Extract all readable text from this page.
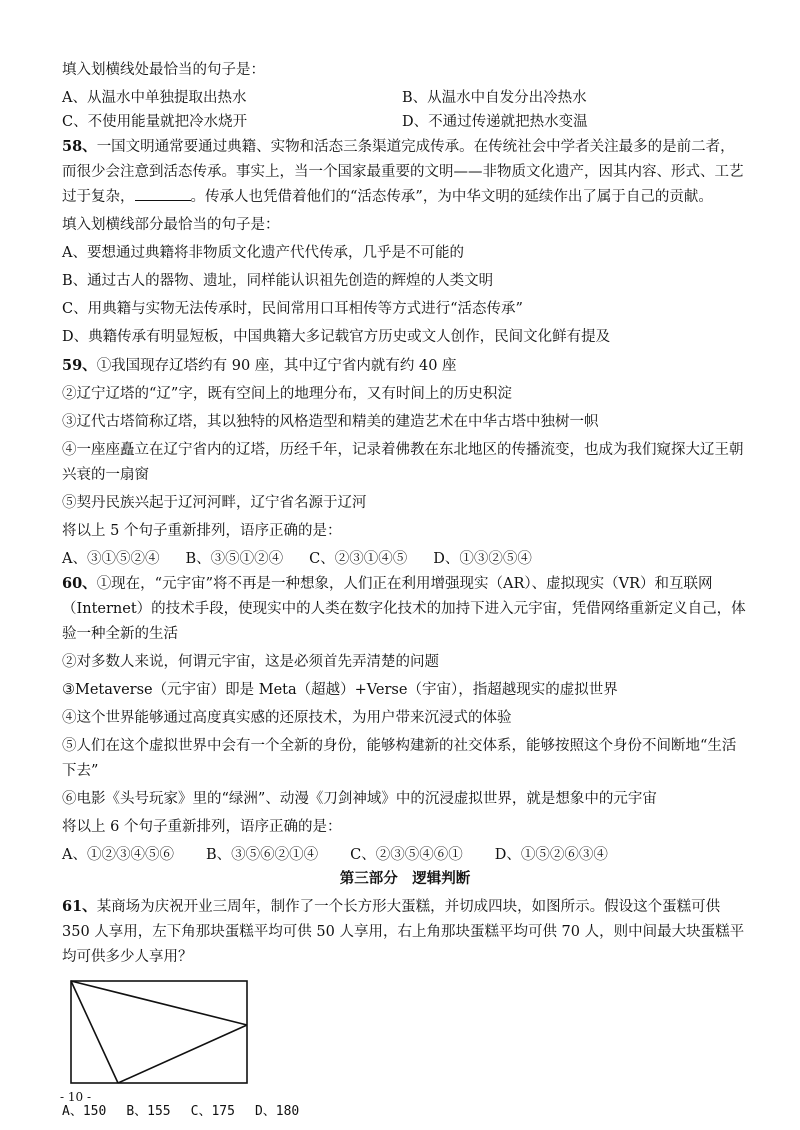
填入划横线处最恰当的句子是：

A、从温水中单独提取出热水	B、从温水中自发分出冷热水
C、不使用能量就把冷水烧开	D、不通过传递就把热水变温

58、一国文明通常要通过典籍、实物和活态三条渠道完成传承。在传统社会中学者关注最多的是前二者，而很少会注意到活态传承。事实上，当一个国家最重要的文明——非物质文化遗产，因其内容、形式、工艺过于复杂，	。传承人也凭借着他们的“活态传承”，为中华文明的延续作出了属于自己的贡献。

填入划横线部分最恰当的句子是：

A、要想通过典籍将非物质文化遗产代代传承，几乎是不可能的

B、通过古人的器物、遗址，同样能认识祖先创造的辉煌的人类文明

C、用典籍与实物无法传承时，民间常用口耳相传等方式进行“活态传承”

D、典籍传承有明显短板，中国典籍大多记载官方历史或文人创作，民间文化鲜有提及

59、①我国现存辽塔约有 90 座，其中辽宁省内就有约 40 座

②辽宁辽塔的“辽”字，既有空间上的地理分布，又有时间上的历史积淀

③辽代古塔简称辽塔，其以独特的风格造型和精美的建造艺术在中华古塔中独树一帜

④一座座矗立在辽宁省内的辽塔，历经千年，记录着佛教在东北地区的传播流变，也成为我们窥探大辽王朝兴衰的一扇窗

⑤契丹民族兴起于辽河河畔，辽宁省名源于辽河

将以上 5 个句子重新排列，语序正确的是：

A、③①⑤②④ B、③⑤①②④ C、②③①④⑤ D、①③②⑤④

60、①现在，“元宇宙”将不再是一种想象，人们正在利用增强现实（AR）、虚拟现实（VR）和互联网（Internet）的技术手段，使现实中的人类在数字化技术的加持下进入元宇宙，凭借网络重新定义自己，体验一种全新的生活

②对多数人来说，何谓元宇宙，这是必须首先弄清楚的问题

③Metaverse（元宇宙）即是 Meta（超越）+Verse（宇宙），指超越现实的虚拟世界

④这个世界能够通过高度真实感的还原技术，为用户带来沉浸式的体验

⑤人们在这个虚拟世界中会有一个全新的身份，能够构建新的社交体系，能够按照这个身份不间断地“生活下去”

⑥电影《头号玩家》里的“绿洲”、动漫《刀剑神域》中的沉浸虚拟世界，就是想象中的元宇宙

将以上 6 个句子重新排列，语序正确的是：

A、①②③④⑤⑥ B、③⑤⑥②①④ C、②③⑤④⑥① D、①⑤②⑥③④

第三部分　逻辑判断

61、某商场为庆祝开业三周年，制作了一个长方形大蛋糕，并切成四块，如图所示。假设这个蛋糕可供 350 人享用，左下角那块蛋糕平均可供 50 人享用，右上角那块蛋糕平均可供 70 人，则中间最大块蛋糕平均可供多少人享用？

A、150 B、155 C、175 D、180
- 10 -
